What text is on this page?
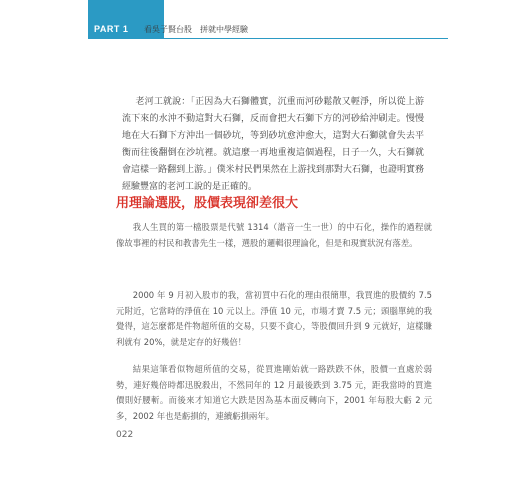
PART 1 看吳子賢台股　拼就中學經驗
老河工就說：「正因為大石獅體實，沉重而河砂鬆散又輕淨，所以從上游流下來的水沖不動這對大石獅，反而會把大石獅下方的河砂給沖刷走。慢慢地在大石獅下方沖出一個砂坑，等到砂坑愈沖愈大，這對大石獅就會失去平衡而往後翻倒在沙坑裡。就這麼一再地重複這個過程，日子一久，大石獅就會這樣一路翻到上游。」僕米村民們果然在上游找到那對大石獅，也證明實務經驗豐富的老河工說的是正確的。
用理論選股，股價表現卻差很大

我人生買的第一檔股票是代號 1314（諧音一生一世）的中石化，操作的過程就像故事裡的村民和教書先生一樣，選股的邏輯很理論化，但是和現實狀況有落差。

2000 年 9 月初入股市的我，當初買中石化的理由很簡單，我買進的股價約 7.5 元附近，它當時的淨值在 10 元以上。淨值 10 元，市場才賣 7.5 元；頭腦單純的我覺得，這怎麼都是件物超所值的交易，只要不貪心，等股價回升到 9 元就好，這樣賺利就有 20%，就是定存的好幾倍！

結果這筆看似物超所值的交易，從買進剛始就一路跌跌不休，股價一直處於弱勢，連好幾倍時都迅脫殺出，不然同年的 12 月最後跌到 3.75 元，距我當時的買進價則好腰斬。而後來才知道它大跌是因為基本面反轉向下，2001 年每股大虧 2 元多，2002 年也是虧損的，連續虧損兩年。

022
